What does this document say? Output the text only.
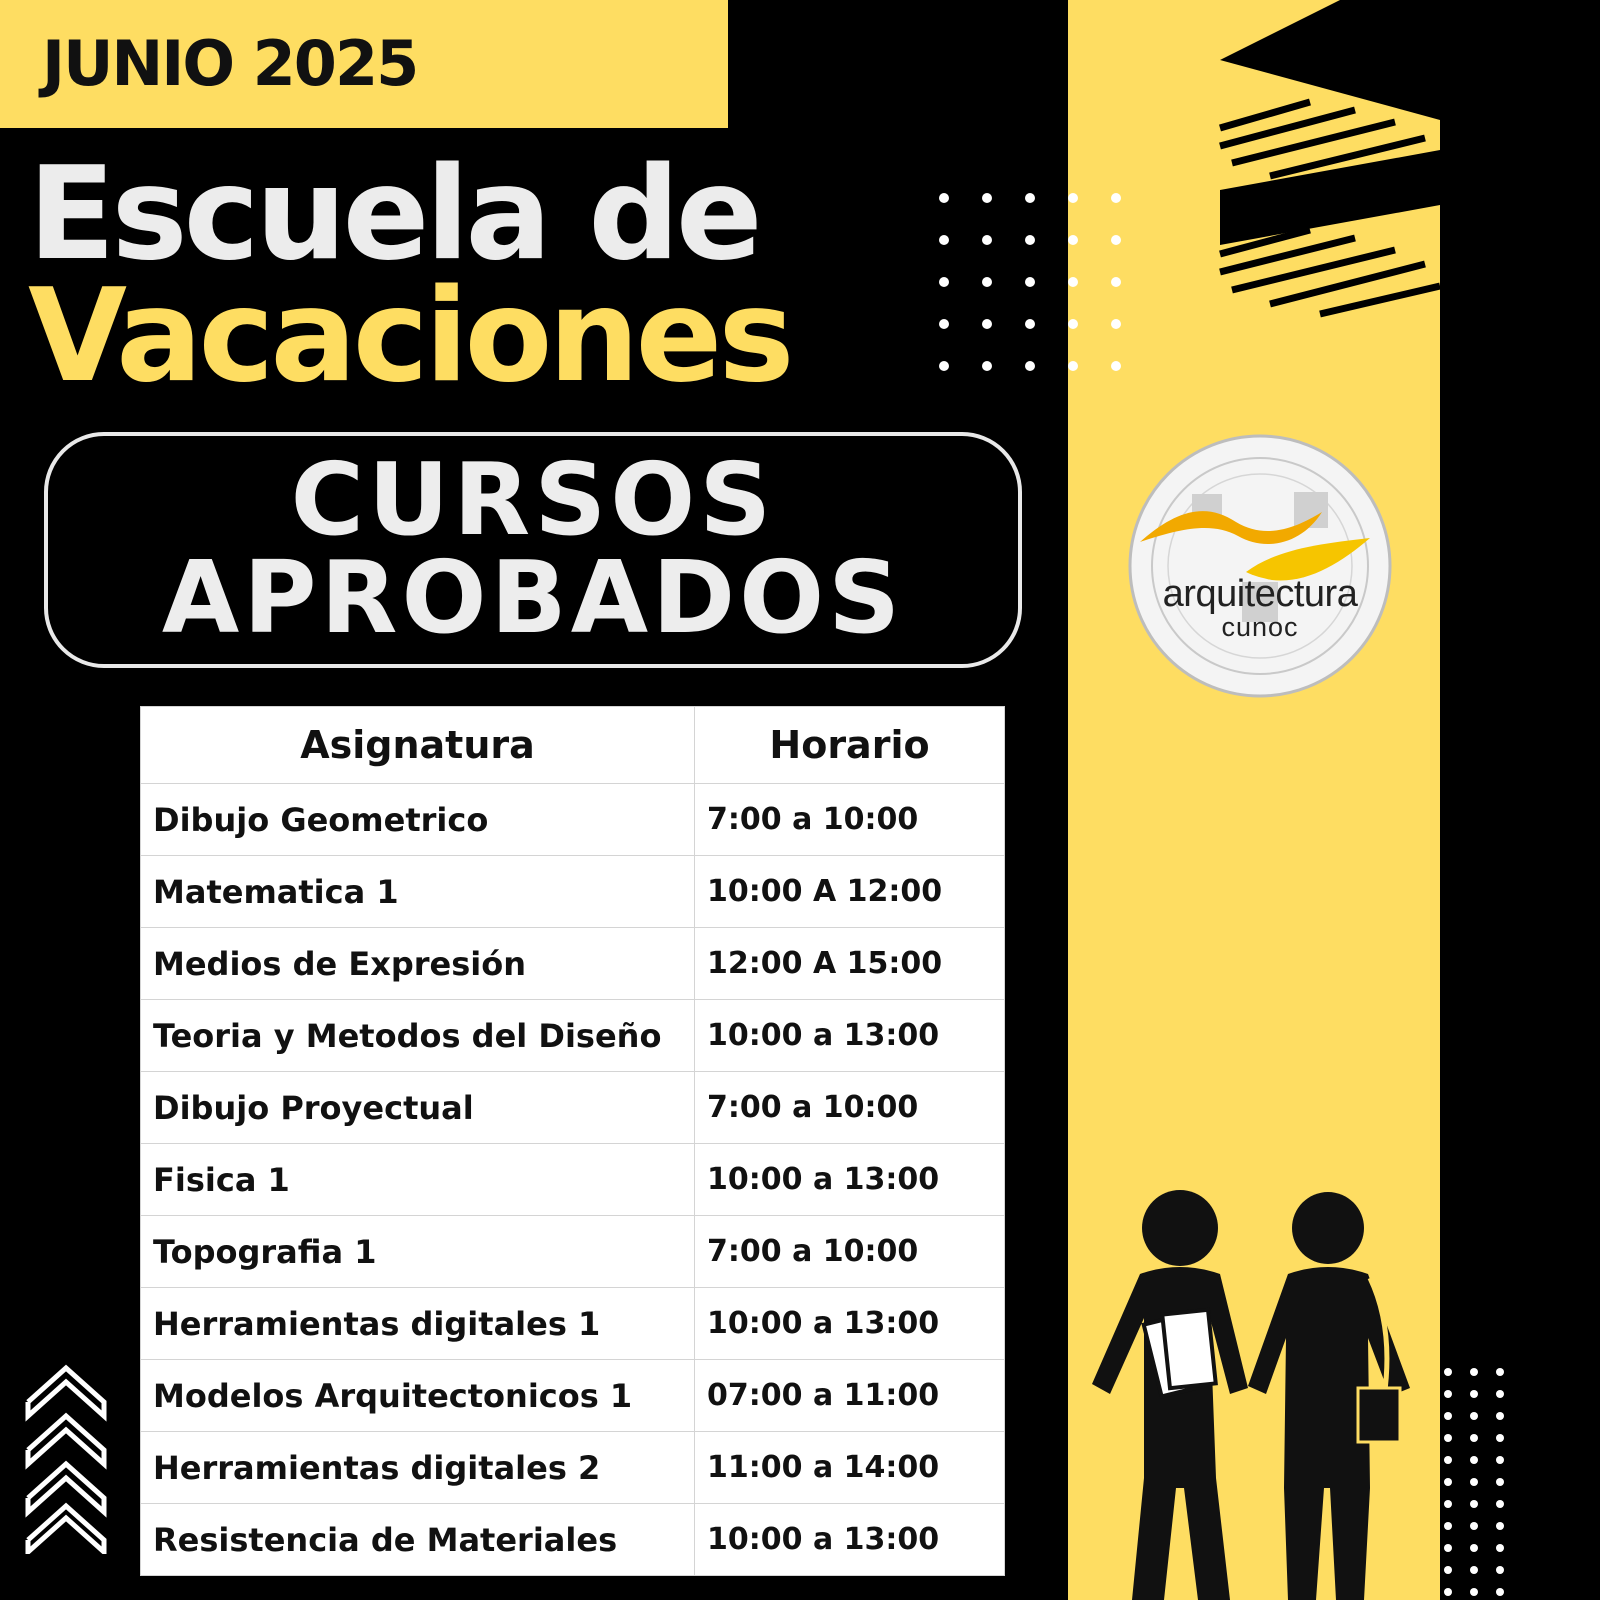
JUNIO 2025
Escuela de
Vacaciones
CURSOS
APROBADOS
Asignatura	Horario
Dibujo Geometrico	7:00 a 10:00
Matematica 1	10:00 A 12:00
Medios de Expresión	12:00 A 15:00
Teoria y Metodos del Diseño	10:00 a 13:00
Dibujo Proyectual	7:00 a 10:00
Fisica 1	10:00 a 13:00
Topografia 1	7:00 a 10:00
Herramientas digitales 1	10:00 a 13:00
Modelos Arquitectonicos 1	07:00 a 11:00
Herramientas digitales 2	11:00 a 14:00
Resistencia de Materiales	10:00 a 13:00
arquitectura
cunoc
